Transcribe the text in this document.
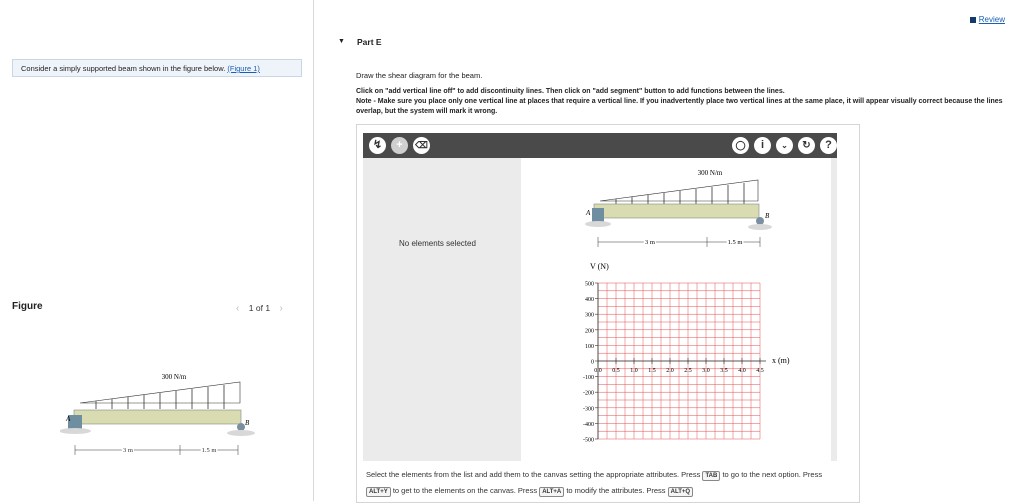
Consider a simply supported beam shown in the figure below. (Figure 1)
Figure	‹ 1 of 1 ›
300 N/m
A	B
3 m	1.5 m
Review
▼ Part E
Draw the shear diagram for the beam.
Click on "add vertical line off" to add discontinuity lines. Then click on "add segment" button to add functions between the lines.
Note - Make sure you place only one vertical line at places that require a vertical line. If you inadvertently place two vertical lines at the same place, it will appear visually correct because the lines overlap, but the system will mark it wrong.
↯	+	⌫	◯	i	⌄	↻	?
No elements selected
300 N/m
A	B
3 m	1.5 m
V (N)
x (m)
500
400
300
200
100
0
-100
-200
-300
-400
-500
0.0 0.5 1.0 1.5 2.0 2.5 3.0 3.5 4.0 4.5
Select the elements from the list and add them to the canvas setting the appropriate attributes. Press TAB to go to the next option. Press ALT+Y to get to the elements on the canvas. Press ALT+A to modify the attributes. Press ALT+Q
